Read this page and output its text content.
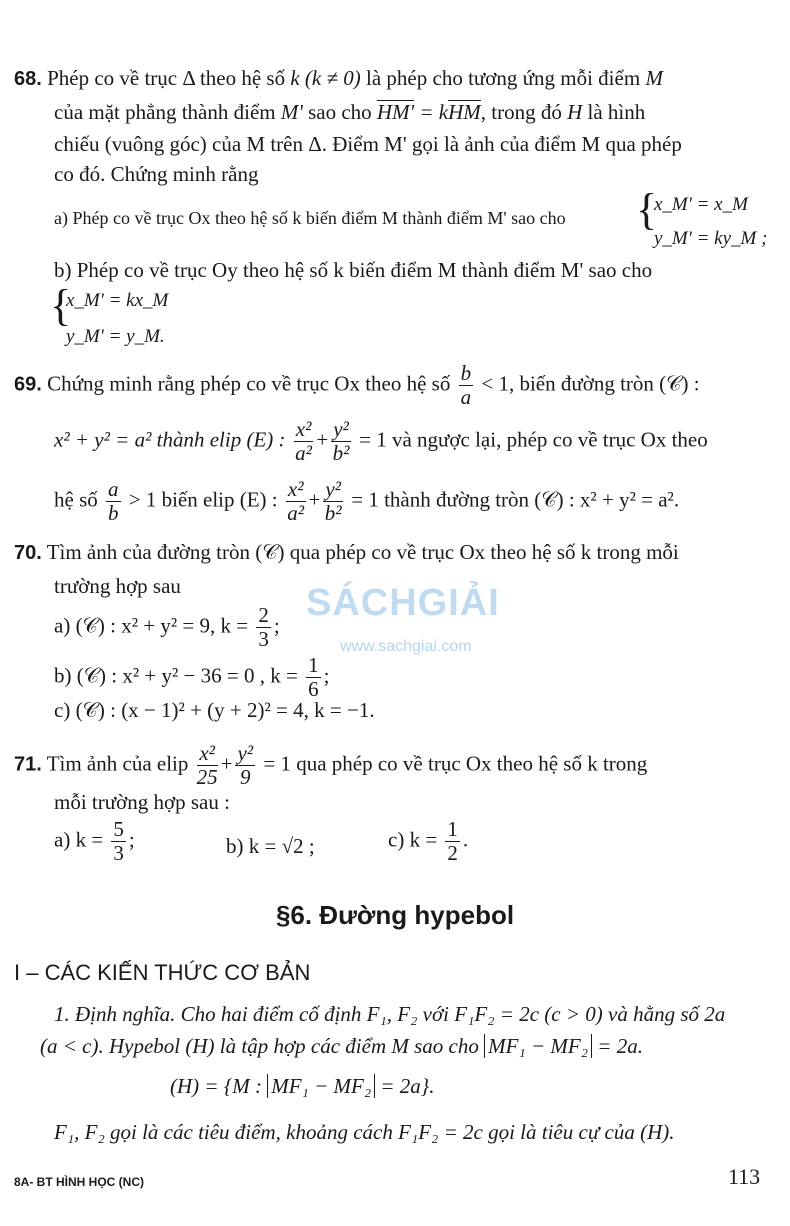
68. Phép co về trục Δ theo hệ số k (k ≠ 0) là phép cho tương ứng mỗi điểm M
của mặt phẳng thành điểm M' sao cho HM' = kHM, trong đó H là hình
chiếu (vuông góc) của M trên Δ. Điểm M' gọi là ảnh của điểm M qua phép
co đó. Chứng minh rằng
a) Phép co về trục Ox theo hệ số k biến điểm M thành điểm M' sao cho {
x_M' = x_M
y_M' = ky_M ;
b) Phép co về trục Oy theo hệ số k biến điểm M thành điểm M' sao cho
{
x_M' = kx_M
y_M' = y_M.
69. Chứng minh rằng phép co về trục Ox theo hệ số $\frac{b}{a} < 1$, biến đường tròn (𝒞) :
x² + y² = a² thành elip (E) : $\frac{\text{x²}}{\text{a²}} + \frac{\text{y²}}{\text{b²}} = 1$ và ngược lại, phép co về trục Ox theo
hệ số $\frac{a}{b} > 1$ biến elip (E) : $\frac{\text{x²}}{\text{a²}} + \frac{\text{y²}}{\text{b²}} = 1$ thành đường tròn (𝒞) : x² + y² = a².
70. Tìm ảnh của đường tròn (𝒞) qua phép co về trục Ox theo hệ số k trong mỗi
trường hợp sau
a) (𝒞) : x² + y² = 9, $k = \frac{2}{3}$ ;
b) (𝒞) : x² + y² − 36 = 0 , $k = \frac{1}{6}$ ;
c) (𝒞) : (x − 1)² + (y + 2)² = 4, k = −1.
71. Tìm ảnh của elip $\frac{\text{x²}}{25} + \frac{\text{y²}}{9} = 1$ qua phép co về trục Ox theo hệ số k trong
mỗi trường hợp sau :
a) $k = \frac{5}{3}$ ;	b) k = √2 ;	c) $k = \frac{1}{2}$ .
§6. Đường hypebol
I – CÁC KIẾN THỨC CƠ BẢN
1. Định nghĩa. Cho hai điểm cố định F₁, F₂ với F₁F₂ = 2c (c > 0) và hằng số 2a
(a < c). Hypebol (H) là tập hợp các điểm M sao cho MF₁ − MF₂ = 2a.
(H) = {M : MF₁ − MF₂ = 2a}.
F₁, F₂ gọi là các tiêu điểm, khoảng cách F₁F₂ = 2c gọi là tiêu cự của (H).
SÁCHGIẢI
www.sachgiai.com
8A- BT HÌNH HỌC (NC)	113
